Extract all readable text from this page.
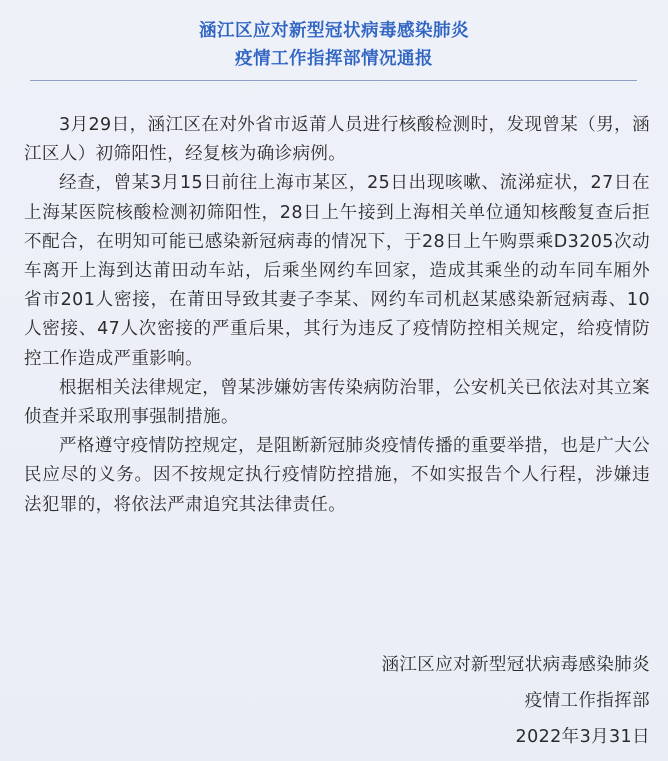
涵江区应对新型冠状病毒感染肺炎
疫情工作指挥部情况通报

3月29日，涵江区在对外省市返莆人员进行核酸检测时，发现曾某（男，涵江区人）初筛阳性，经复核为确诊病例。

经查，曾某3月15日前往上海市某区，25日出现咳嗽、流涕症状，27日在上海某医院核酸检测初筛阳性，28日上午接到上海相关单位通知核酸复查后拒不配合，在明知可能已感染新冠病毒的情况下，于28日上午购票乘D3205次动车离开上海到达莆田动车站，后乘坐网约车回家，造成其乘坐的动车同车厢外省市201人密接，在莆田导致其妻子李某、网约车司机赵某感染新冠病毒、10人密接、47人次密接的严重后果，其行为违反了疫情防控相关规定，给疫情防控工作造成严重影响。

根据相关法律规定，曾某涉嫌妨害传染病防治罪，公安机关已依法对其立案侦查并采取刑事强制措施。

严格遵守疫情防控规定，是阻断新冠肺炎疫情传播的重要举措，也是广大公民应尽的义务。因不按规定执行疫情防控措施，不如实报告个人行程，涉嫌违法犯罪的，将依法严肃追究其法律责任。

涵江区应对新型冠状病毒感染肺炎
疫情工作指挥部
2022年3月31日
